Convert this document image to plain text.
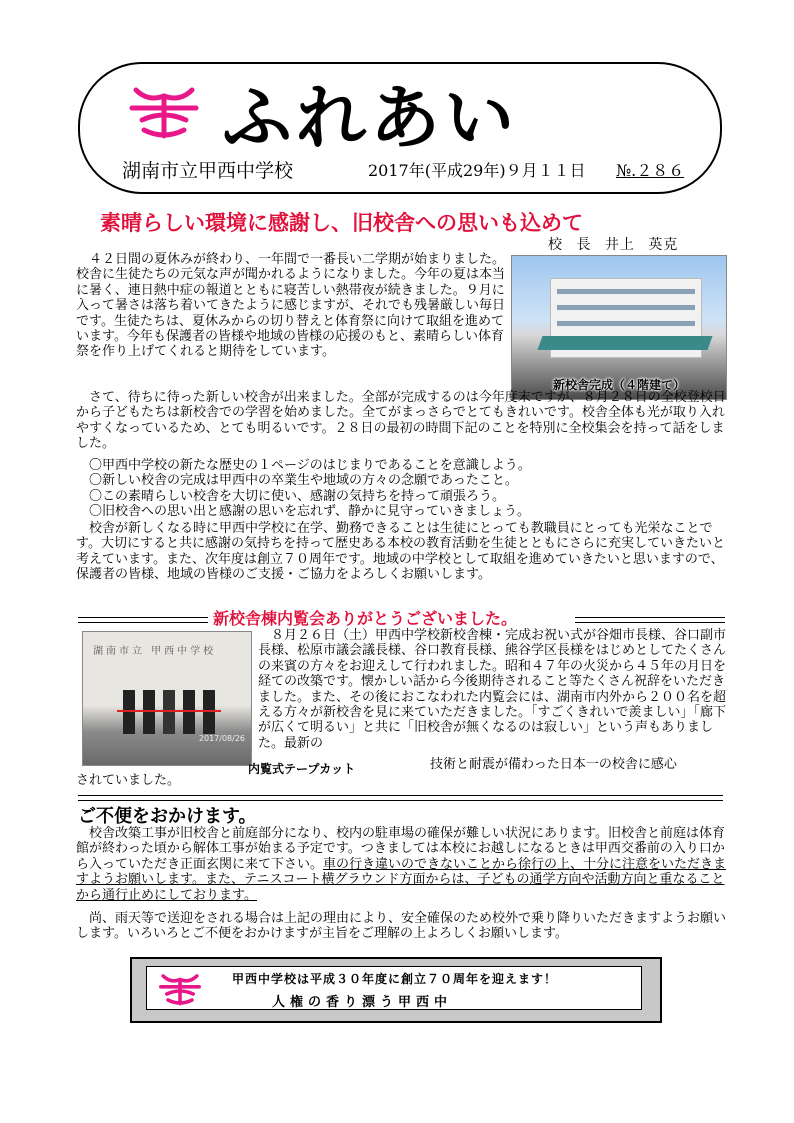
ふれあい
湖南市立甲西中学校	2017年(平成29年)９月１１日 №.２８６
素晴らしい環境に感謝し、旧校舎への思いも込めて
校 長 井上 英克
４２日間の夏休みが終わり、一年間で一番長い二学期が始まりました。校舎に生徒たちの元気な声が聞かれるようになりました。今年の夏は本当に暑く、連日熱中症の報道とともに寝苦しい熱帯夜が続きました。９月に入って暑さは落ち着いてきたように感じますが、それでも残暑厳しい毎日です。生徒たちは、夏休みからの切り替えと体育祭に向けて取組を進めています。今年も保護者の皆様や地域の皆様の応援のもと、素晴らしい体育祭を作り上げてくれると期待をしています。
新校舎完成（４階建て）
さて、待ちに待った新しい校舎が出来ました。全部が完成するのは今年度末ですが、８月２８日の全校登校日から子どもたちは新校舎での学習を始めました。全てがまっさらでとてもきれいです。校舎全体も光が取り入れやすくなっているため、とても明るいです。２８日の最初の時間下記のことを特別に全校集会を持って話をしました。
〇甲西中学校の新たな歴史の１ページのはじまりであることを意識しよう。
〇新しい校舎の完成は甲西中の卒業生や地域の方々の念願であったこと。
〇この素晴らしい校舎を大切に使い、感謝の気持ちを持って頑張ろう。
〇旧校舎への思い出と感謝の思いを忘れず、静かに見守っていきましょう。
校舎が新しくなる時に甲西中学校に在学、勤務できることは生徒にとっても教職員にとっても光栄なことです。大切にすると共に感謝の気持ちを持って歴史ある本校の教育活動を生徒とともにさらに充実していきたいと考えています。また、次年度は創立７０周年です。地域の中学校として取組を進めていきたいと思いますので、保護者の皆様、地域の皆様のご支援・ご協力をよろしくお願いします。
新校舎棟内覧会ありがとうございました。
湖南市立 甲西中学校
2017/08/26
８月２６日（土）甲西中学校新校舎棟・完成お祝い式が谷畑市長様、谷口副市長様、松原市議会議長様、谷口教育長様、熊谷学区長様をはじめとしてたくさんの来賓の方々をお迎えして行われました。昭和４７年の火災から４５年の月日を経ての改築です。懐かしい話から今後期待されること等たくさん祝辞をいただきました。また、その後におこなわれた内覧会には、湖南市内外から２００名を超える方々が新校舎を見に来ていただきました。「すごくきれいで羨ましい」「廊下が広くて明るい」と共に「旧校舎が無くなるのは寂しい」という声もありました。最新の
内覧式テープカット	技術と耐震が備わった日本一の校舎に感心
されていました。
ご不便をおかけます。
校舎改築工事が旧校舎と前庭部分になり、校内の駐車場の確保が難しい状況にあります。旧校舎と前庭は体育館が終わった頃から解体工事が始まる予定です。つきましては本校にお越しになるときは甲西交番前の入り口から入っていただき正面玄関に来て下さい。車の行き違いのできないことから徐行の上、十分に注意をいただきますようお願いします。また、テニスコート横グラウンド方面からは、子どもの通学方向や活動方向と重なることから通行止めにしております。
尚、雨天等で送迎をされる場合は上記の理由により、安全確保のため校外で乗り降りいただきますようお願いします。いろいろとご不便をおかけますが主旨をご理解の上よろしくお願いします。
甲西中学校は平成３０年度に創立７０周年を迎えます！
人権の香り漂う甲西中
